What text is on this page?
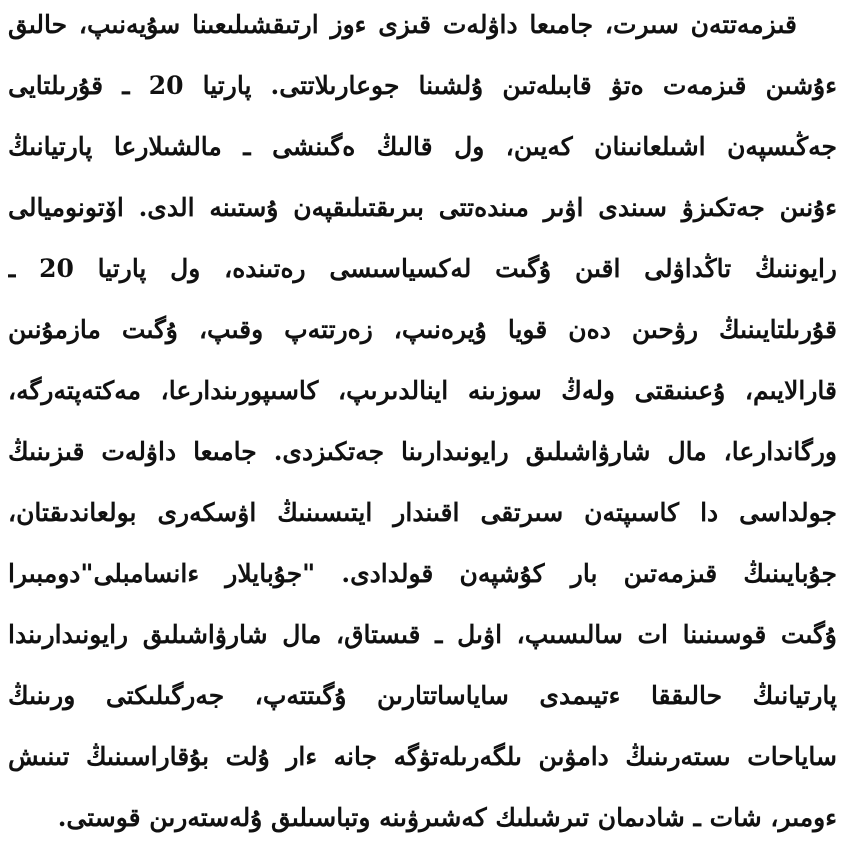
قىزمەتتەن سىرت، جامىعا داۋلەت قىزى ءوز ارتىقشىلىعىنا سۇيەنىپ، حالىق
ءۇشىن قىزمەت ەتۋ قابىلەتىن ۇلشىنا جوعارىلاتتى. پارتيا 20 ـ قۇرىلتايى
جەڭىسپەن اشىلعانىنان كەيىن، ول قالىڭ ەگىنشى ـ مالشىلارعا پارتيانىڭ
ءۇنىن جەتكىزۋ سىندى اۋىر مىندەتتى بىرىقتىلىقپەن ۇستىنە الدى. اۆتونوميالى
رايوننىڭ تاڭداۋلى اقىن ۇگىت لەكسياسىسى رەتىندە، ول پارتيا 20 ـ
قۇرىلتايىنىڭ رۋحىن دەن قويا ۇيرەنىپ، زەرتتەپ وقىپ، ۇگىت مازمۇنىن
قارالايىم، ۇعىنىقتى ولەڭ سوزىنە اينالدىرىپ، كاسىپورىندارعا، مەكتەپتەرگە،
ورگاندارعا، مال شارۋاشىلىق رايونىدارىنا جەتكىزدى. جامىعا داۋلەت قىزىنىڭ
جولداسى دا كاسىپتەن سىرتقى اقىندار ايتىسىنىڭ اۋسكەرى بولعاندىقتان،
جۇبايىنىڭ قىزمەتىن بار كۇشپەن قولدادى. "جۇبايلار ءانسامبلى"دومبىرا
ۇگىت قوسىنىنا ات سالىسىپ، اۋىل ـ قىستاق، مال شارۋاشىلىق رايونىدارىندا
پارتيانىڭ حالىققا ءتيىمدى ساياساتتارىن ۇگىتتەپ، جەرگىلىكتى ورىنىڭ
ساياحات ىستەرىنىڭ دامۋىن ىلگەرىلەتۋگە جانە ءار ۇلت بۇقاراسىنىڭ تىنىش
ءومىر، شات ـ شادىمان تىرشىلىك كەشىرۋىنە وتباسىلىق ۇلەستەرىن قوستى.
